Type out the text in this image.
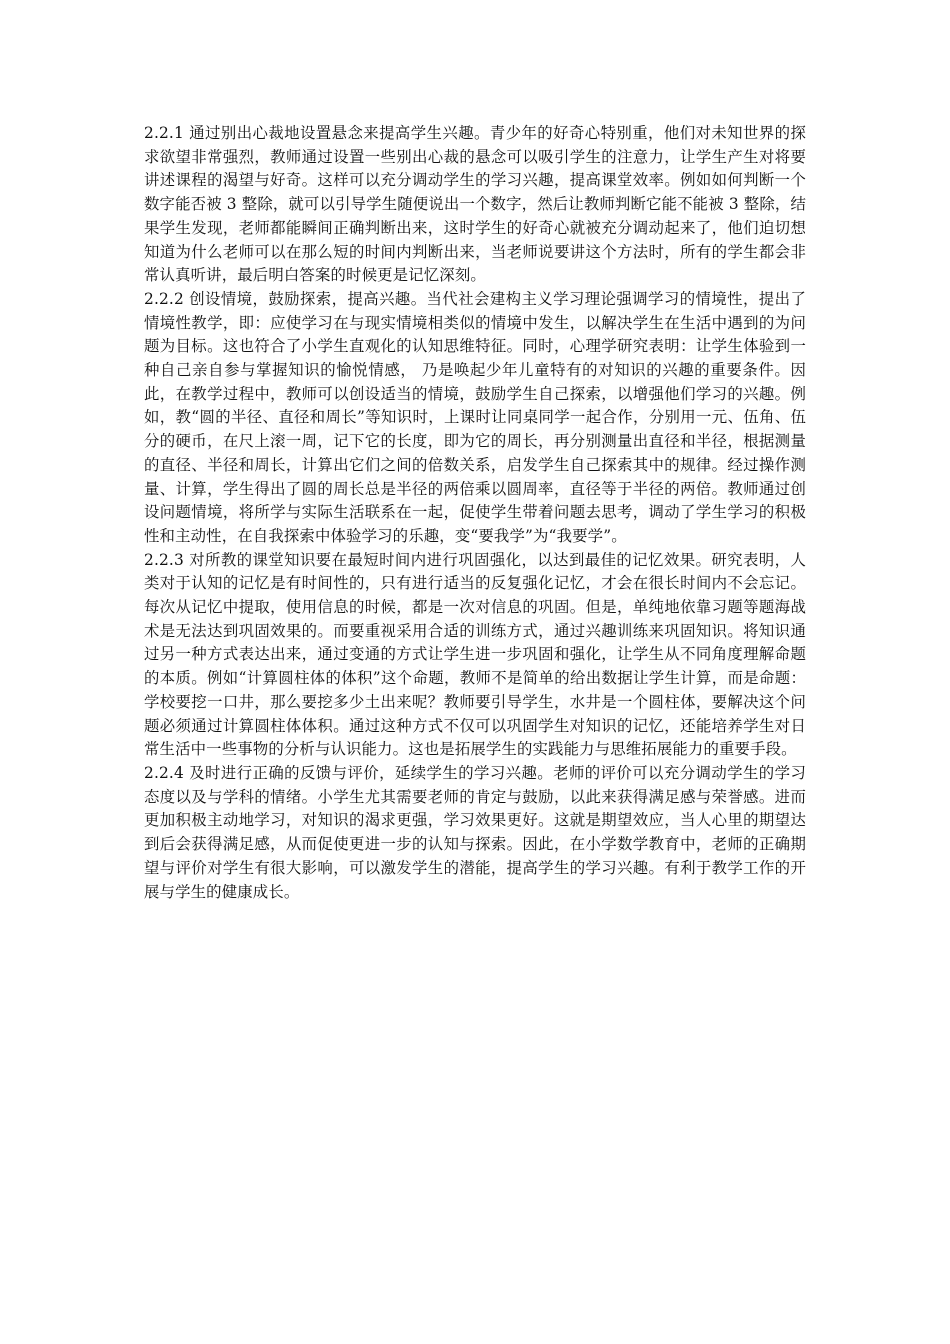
2.2.1 通过别出心裁地设置悬念来提高学生兴趣。青少年的好奇心特别重，他们对未知世界的探求欲望非常强烈，教师通过设置一些别出心裁的悬念可以吸引学生的注意力，让学生产生对将要讲述课程的渴望与好奇。这样可以充分调动学生的学习兴趣，提高课堂效率。例如如何判断一个数字能否被 3 整除，就可以引导学生随便说出一个数字，然后让教师判断它能不能被 3 整除，结果学生发现，老师都能瞬间正确判断出来，这时学生的好奇心就被充分调动起来了，他们迫切想知道为什么老师可以在那么短的时间内判断出来，当老师说要讲这个方法时，所有的学生都会非常认真听讲，最后明白答案的时候更是记忆深刻。

2.2.2 创设情境，鼓励探索，提高兴趣。当代社会建构主义学习理论强调学习的情境性，提出了情境性教学，即：应使学习在与现实情境相类似的情境中发生，以解决学生在生活中遇到的为问题为目标。这也符合了小学生直观化的认知思维特征。同时，心理学研究表明：让学生体验到一种自己亲自参与掌握知识的愉悦情感， 乃是唤起少年儿童特有的对知识的兴趣的重要条件。因此，在教学过程中，教师可以创设适当的情境，鼓励学生自己探索，以增强他们学习的兴趣。例如，教“圆的半径、直径和周长”等知识时，上课时让同桌同学一起合作，分别用一元、伍角、伍分的硬币，在尺上滚一周，记下它的长度，即为它的周长，再分别测量出直径和半径，根据测量的直径、半径和周长，计算出它们之间的倍数关系，启发学生自己探索其中的规律。经过操作测量、计算，学生得出了圆的周长总是半径的两倍乘以圆周率，直径等于半径的两倍。教师通过创设问题情境，将所学与实际生活联系在一起，促使学生带着问题去思考，调动了学生学习的积极性和主动性，在自我探索中体验学习的乐趣，变“要我学”为“我要学”。

2.2.3 对所教的课堂知识要在最短时间内进行巩固强化，以达到最佳的记忆效果。研究表明，人类对于认知的记忆是有时间性的，只有进行适当的反复强化记忆，才会在很长时间内不会忘记。每次从记忆中提取，使用信息的时候，都是一次对信息的巩固。但是，单纯地依靠习题等题海战术是无法达到巩固效果的。而要重视采用合适的训练方式，通过兴趣训练来巩固知识。将知识通过另一种方式表达出来，通过变通的方式让学生进一步巩固和强化，让学生从不同角度理解命题的本质。例如“计算圆柱体的体积”这个命题，教师不是简单的给出数据让学生计算，而是命题：学校要挖一口井，那么要挖多少土出来呢？教师要引导学生，水井是一个圆柱体，要解决这个问题必须通过计算圆柱体体积。通过这种方式不仅可以巩固学生对知识的记忆，还能培养学生对日常生活中一些事物的分析与认识能力。这也是拓展学生的实践能力与思维拓展能力的重要手段。

2.2.4 及时进行正确的反馈与评价，延续学生的学习兴趣。老师的评价可以充分调动学生的学习态度以及与学科的情绪。小学生尤其需要老师的肯定与鼓励，以此来获得满足感与荣誉感。进而更加积极主动地学习，对知识的渴求更强，学习效果更好。这就是期望效应，当人心里的期望达到后会获得满足感，从而促使更进一步的认知与探索。因此，在小学数学教育中，老师的正确期望与评价对学生有很大影响，可以激发学生的潜能，提高学生的学习兴趣。有利于教学工作的开展与学生的健康成长。
